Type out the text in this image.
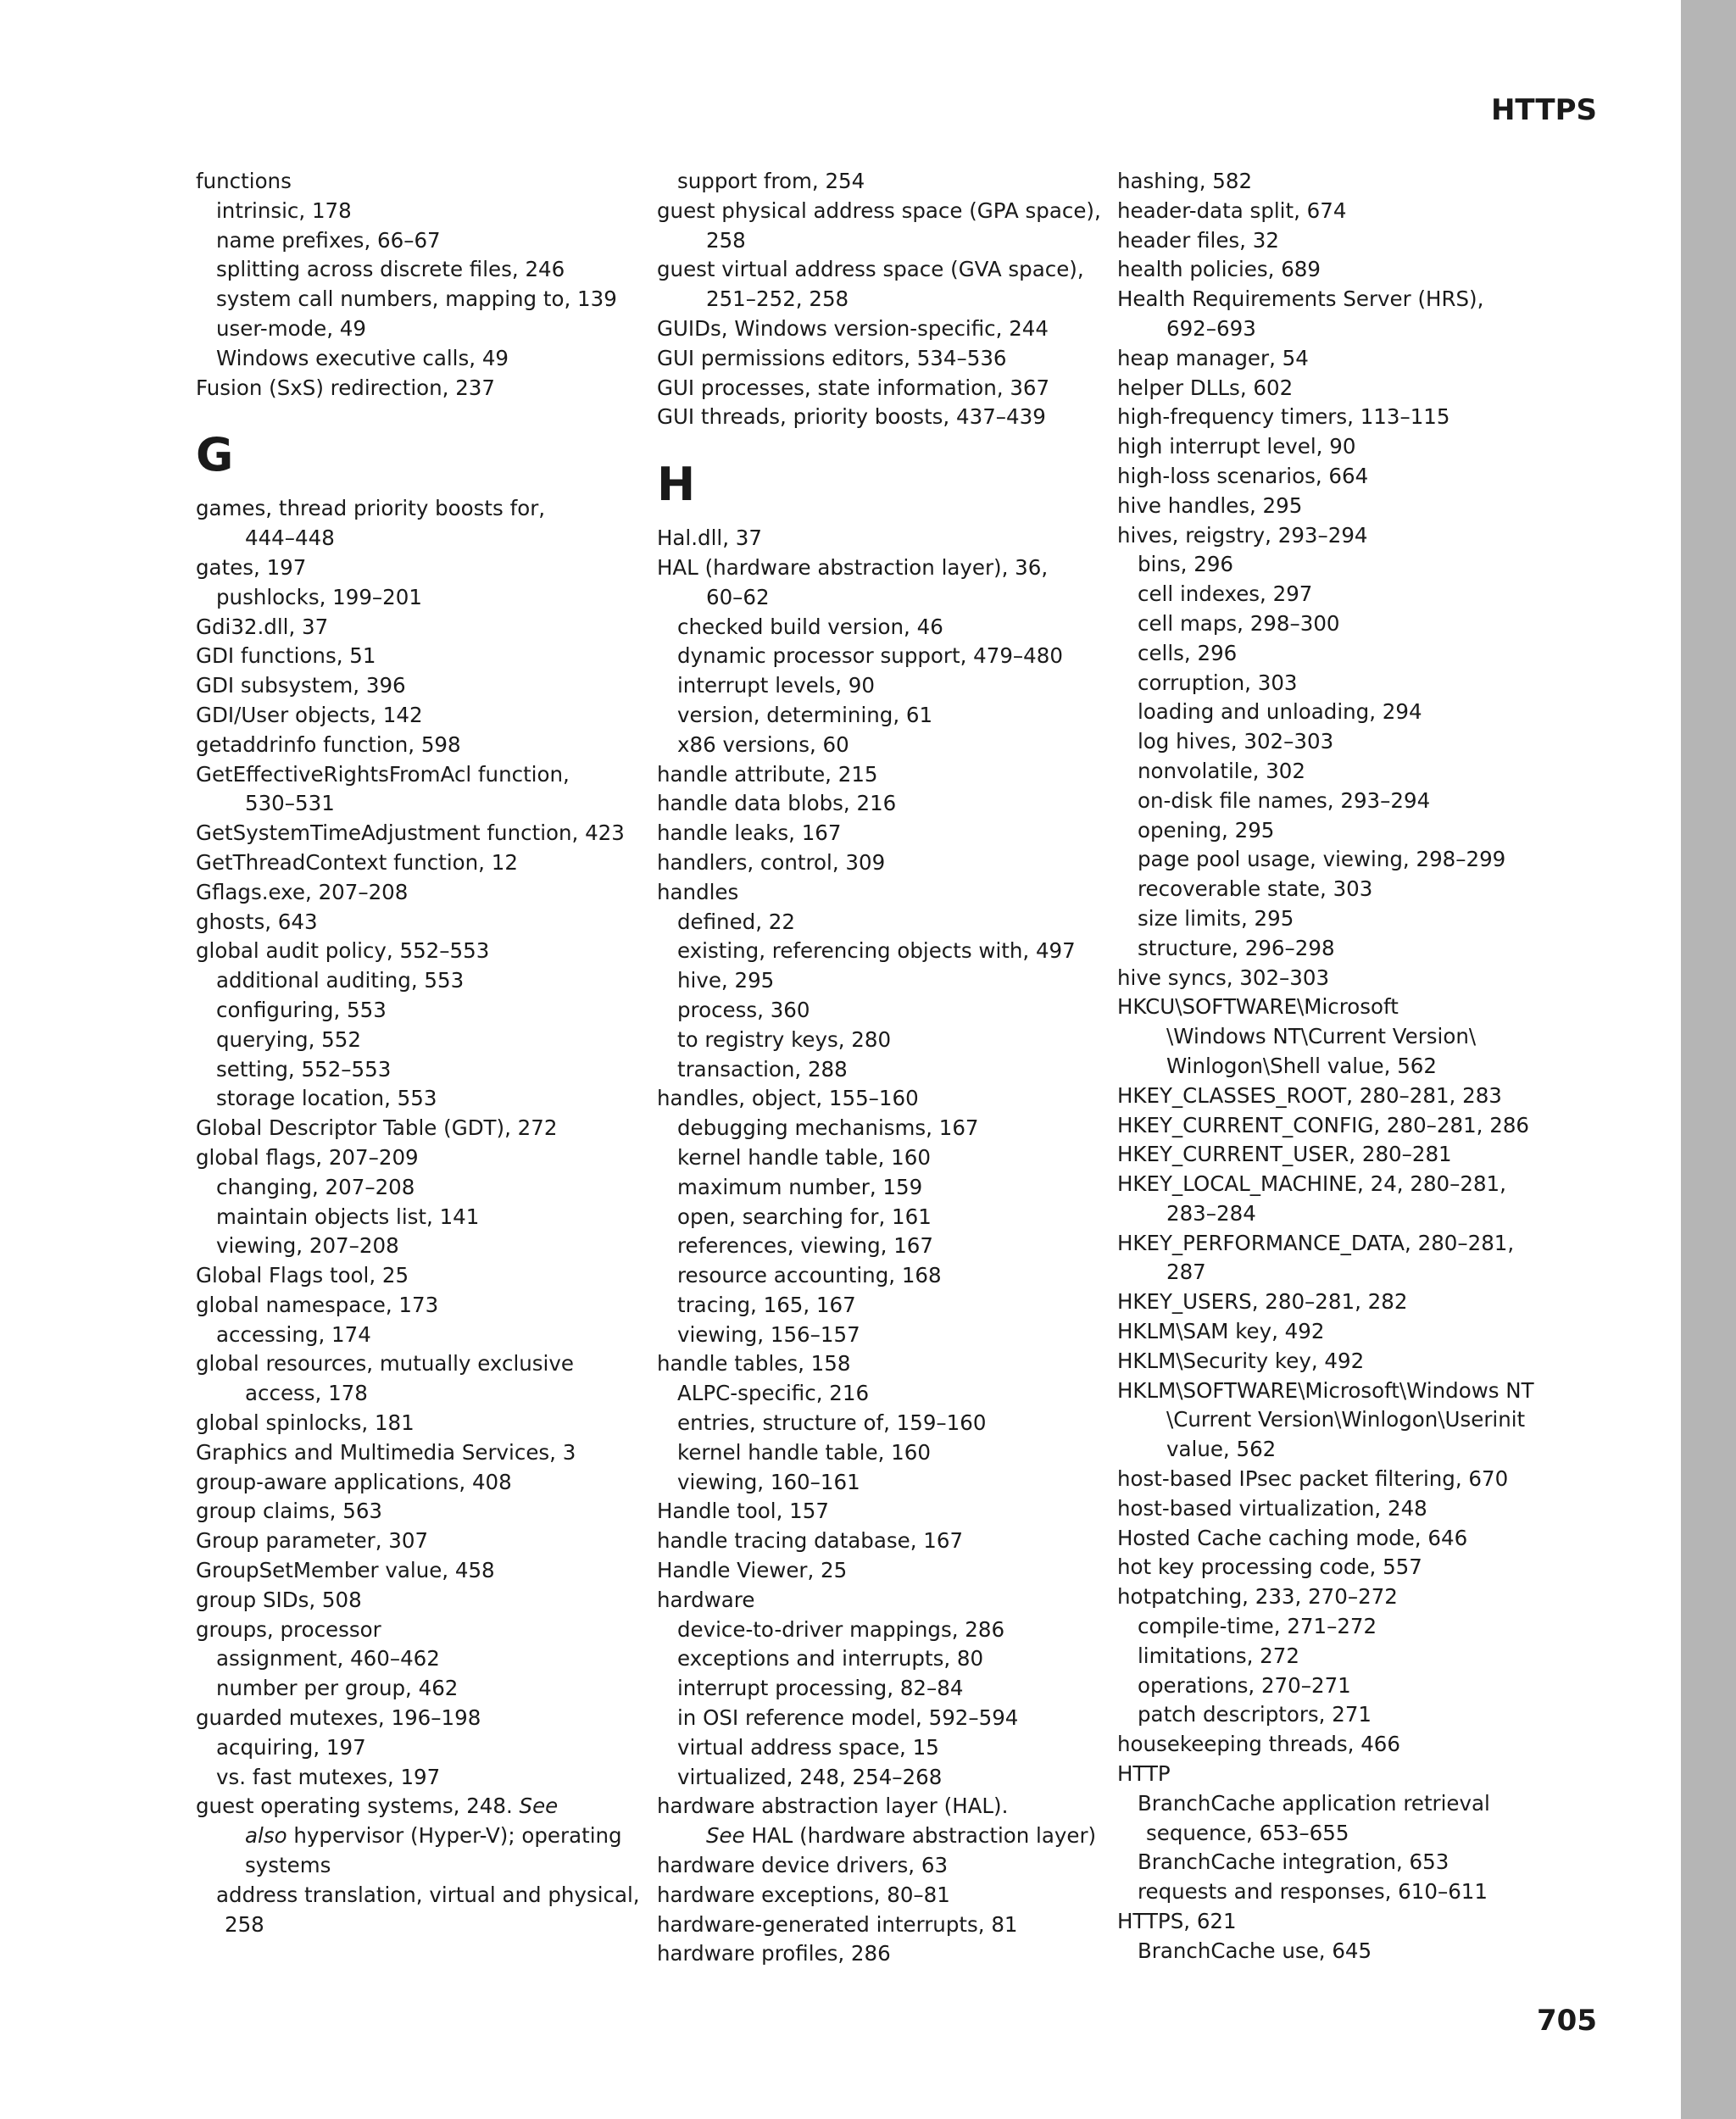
HTTPS
functions
intrinsic, 178
name prefixes, 66–67
splitting across discrete files, 246
system call numbers, mapping to, 139
user-mode, 49
Windows executive calls, 49
Fusion (SxS) redirection, 237
G
games, thread priority boosts for,
444–448
gates, 197
pushlocks, 199–201
Gdi32.dll, 37
GDI functions, 51
GDI subsystem, 396
GDI/User objects, 142
getaddrinfo function, 598
GetEffectiveRightsFromAcl function,
530–531
GetSystemTimeAdjustment function, 423
GetThreadContext function, 12
Gflags.exe, 207–208
ghosts, 643
global audit policy, 552–553
additional auditing, 553
configuring, 553
querying, 552
setting, 552–553
storage location, 553
Global Descriptor Table (GDT), 272
global flags, 207–209
changing, 207–208
maintain objects list, 141
viewing, 207–208
Global Flags tool, 25
global namespace, 173
accessing, 174
global resources, mutually exclusive
access, 178
global spinlocks, 181
Graphics and Multimedia Services, 3
group-aware applications, 408
group claims, 563
Group parameter, 307
GroupSetMember value, 458
group SIDs, 508
groups, processor
assignment, 460–462
number per group, 462
guarded mutexes, 196–198
acquiring, 197
vs. fast mutexes, 197
guest operating systems, 248. See
also hypervisor (Hyper-V); operating
systems
address translation, virtual and physical,
258
support from, 254
guest physical address space (GPA space),
258
guest virtual address space (GVA space),
251–252, 258
GUIDs, Windows version-specific, 244
GUI permissions editors, 534–536
GUI processes, state information, 367
GUI threads, priority boosts, 437–439
H
Hal.dll, 37
HAL (hardware abstraction layer), 36,
60–62
checked build version, 46
dynamic processor support, 479–480
interrupt levels, 90
version, determining, 61
x86 versions, 60
handle attribute, 215
handle data blobs, 216
handle leaks, 167
handlers, control, 309
handles
defined, 22
existing, referencing objects with, 497
hive, 295
process, 360
to registry keys, 280
transaction, 288
handles, object, 155–160
debugging mechanisms, 167
kernel handle table, 160
maximum number, 159
open, searching for, 161
references, viewing, 167
resource accounting, 168
tracing, 165, 167
viewing, 156–157
handle tables, 158
ALPC-specific, 216
entries, structure of, 159–160
kernel handle table, 160
viewing, 160–161
Handle tool, 157
handle tracing database, 167
Handle Viewer, 25
hardware
device-to-driver mappings, 286
exceptions and interrupts, 80
interrupt processing, 82–84
in OSI reference model, 592–594
virtual address space, 15
virtualized, 248, 254–268
hardware abstraction layer (HAL).
See HAL (hardware abstraction layer)
hardware device drivers, 63
hardware exceptions, 80–81
hardware-generated interrupts, 81
hardware profiles, 286
hashing, 582
header-data split, 674
header files, 32
health policies, 689
Health Requirements Server (HRS),
692–693
heap manager, 54
helper DLLs, 602
high-frequency timers, 113–115
high interrupt level, 90
high-loss scenarios, 664
hive handles, 295
hives, reigstry, 293–294
bins, 296
cell indexes, 297
cell maps, 298–300
cells, 296
corruption, 303
loading and unloading, 294
log hives, 302–303
nonvolatile, 302
on-disk file names, 293–294
opening, 295
page pool usage, viewing, 298–299
recoverable state, 303
size limits, 295
structure, 296–298
hive syncs, 302–303
HKCU\SOFTWARE\Microsoft
\Windows NT\Current Version\
Winlogon\Shell value, 562
HKEY_CLASSES_ROOT, 280–281, 283
HKEY_CURRENT_CONFIG, 280–281, 286
HKEY_CURRENT_USER, 280–281
HKEY_LOCAL_MACHINE, 24, 280–281,
283–284
HKEY_PERFORMANCE_DATA, 280–281,
287
HKEY_USERS, 280–281, 282
HKLM\SAM key, 492
HKLM\Security key, 492
HKLM\SOFTWARE\Microsoft\Windows NT
\Current Version\Winlogon\Userinit
value, 562
host-based IPsec packet filtering, 670
host-based virtualization, 248
Hosted Cache caching mode, 646
hot key processing code, 557
hotpatching, 233, 270–272
compile-time, 271–272
limitations, 272
operations, 270–271
patch descriptors, 271
housekeeping threads, 466
HTTP
BranchCache application retrieval
sequence, 653–655
BranchCache integration, 653
requests and responses, 610–611
HTTPS, 621
BranchCache use, 645
705
